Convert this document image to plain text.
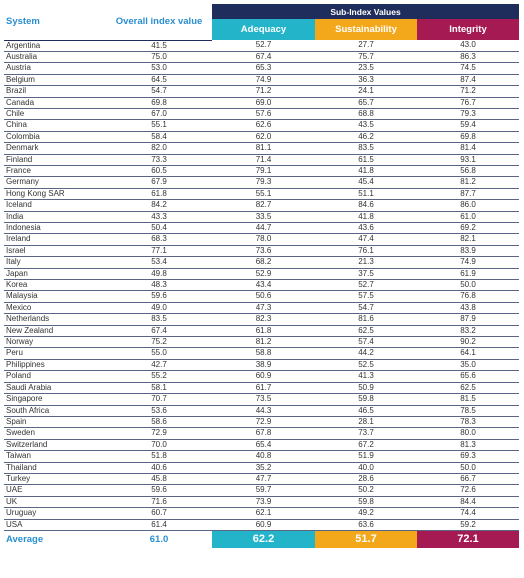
System	Overall index value	Sub-Index Values		
		Adequacy	Sustainability	Integrity
Argentina	41.5	52.7	27.7	43.0
Australia	75.0	67.4	75.7	86.3
Austria	53.0	65.3	23.5	74.5
Belgium	64.5	74.9	36.3	87.4
Brazil	54.7	71.2	24.1	71.2
Canada	69.8	69.0	65.7	76.7
Chile	67.0	57.6	68.8	79.3
China	55.1	62.6	43.5	59.4
Colombia	58.4	62.0	46.2	69.8
Denmark	82.0	81.1	83.5	81.4
Finland	73.3	71.4	61.5	93.1
France	60.5	79.1	41.8	56.8
Germany	67.9	79.3	45.4	81.2
Hong Kong SAR	61.8	55.1	51.1	87.7
Iceland	84.2	82.7	84.6	86.0
India	43.3	33.5	41.8	61.0
Indonesia	50.4	44.7	43.6	69.2
Ireland	68.3	78.0	47.4	82.1
Israel	77.1	73.6	76.1	83.9
Italy	53.4	68.2	21.3	74.9
Japan	49.8	52.9	37.5	61.9
Korea	48.3	43.4	52.7	50.0
Malaysia	59.6	50.6	57.5	76.8
Mexico	49.0	47.3	54.7	43.8
Netherlands	83.5	82.3	81.6	87.9
New Zealand	67.4	61.8	62.5	83.2
Norway	75.2	81.2	57.4	90.2
Peru	55.0	58.8	44.2	64.1
Philippines	42.7	38.9	52.5	35.0
Poland	55.2	60.9	41.3	65.6
Saudi Arabia	58.1	61.7	50.9	62.5
Singapore	70.7	73.5	59.8	81.5
South Africa	53.6	44.3	46.5	78.5
Spain	58.6	72.9	28.1	78.3
Sweden	72.9	67.8	73.7	80.0
Switzerland	70.0	65.4	67.2	81.3
Taiwan	51.8	40.8	51.9	69.3
Thailand	40.6	35.2	40.0	50.0
Turkey	45.8	47.7	28.6	66.7
UAE	59.6	59.7	50.2	72.6
UK	71.6	73.9	59.8	84.4
Uruguay	60.7	62.1	49.2	74.4
USA	61.4	60.9	63.6	59.2
Average	61.0	62.2	51.7	72.1
